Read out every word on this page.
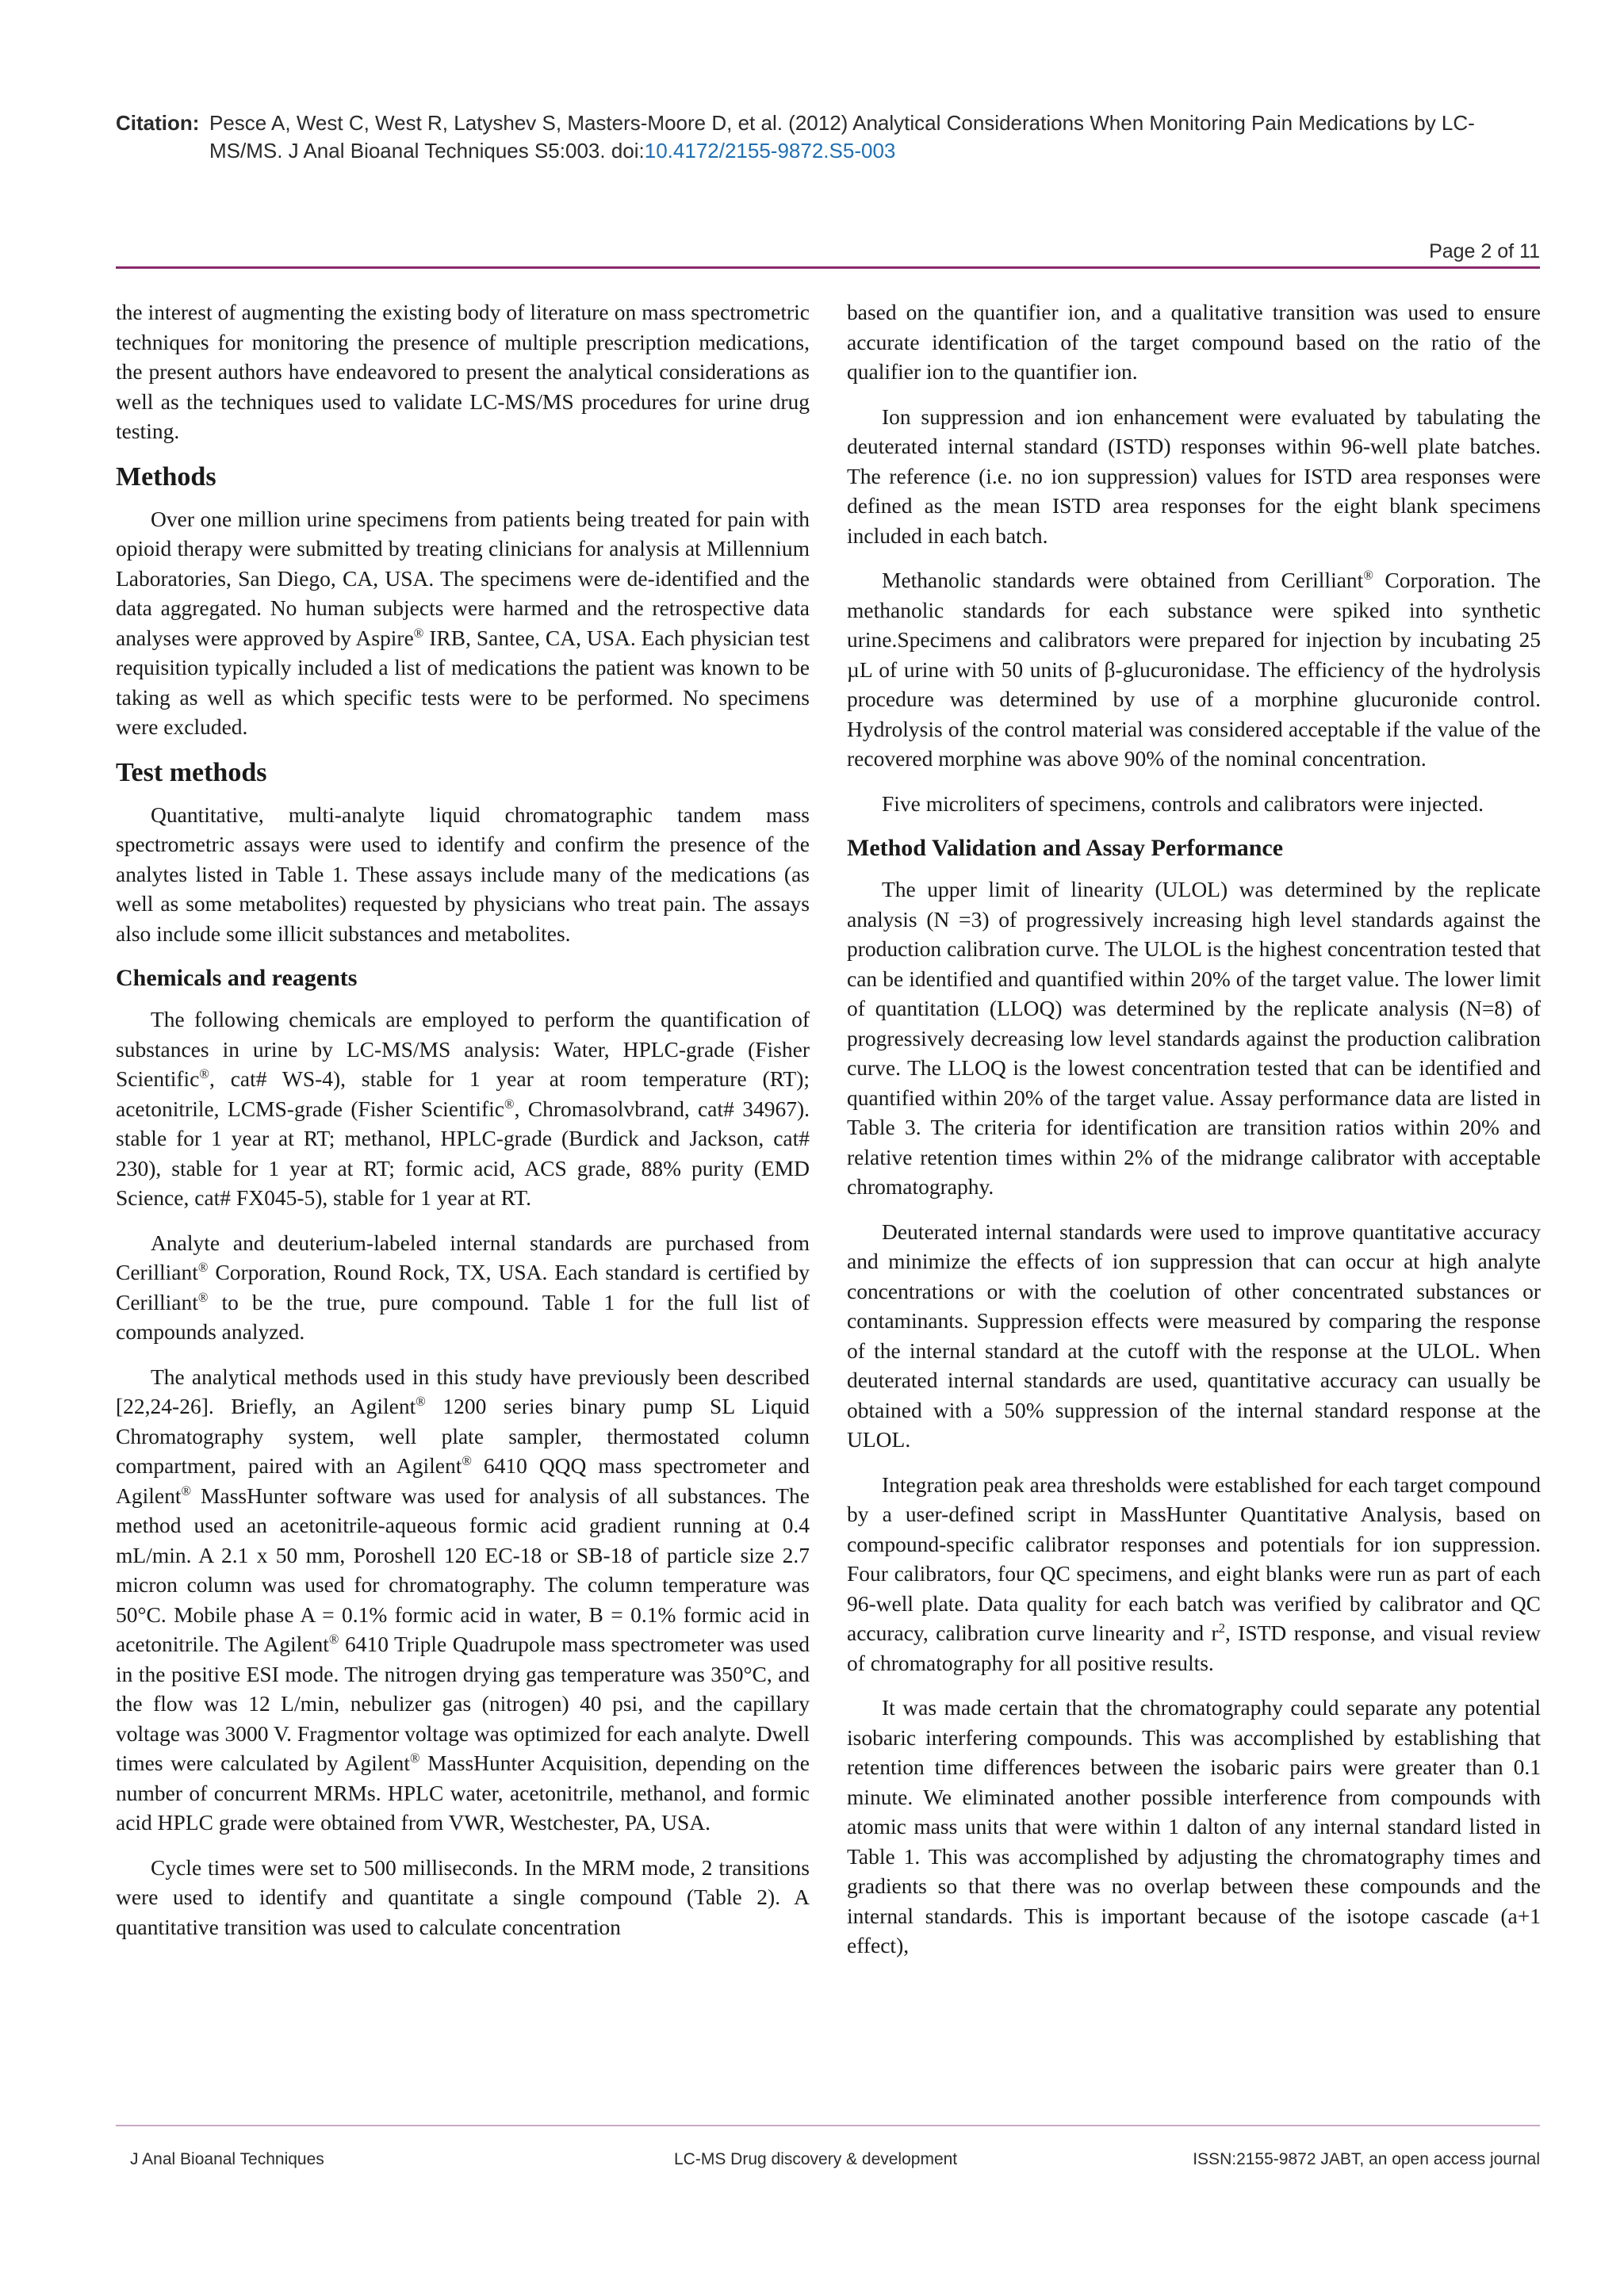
Citation: Pesce A, West C, West R, Latyshev S, Masters-Moore D, et al. (2012) Analytical Considerations When Monitoring Pain Medications by LC-MS/MS. J Anal Bioanal Techniques S5:003. doi:10.4172/2155-9872.S5-003
Page 2 of 11

the interest of augmenting the existing body of literature on mass spectrometric techniques for monitoring the presence of multiple prescription medications, the present authors have endeavored to present the analytical considerations as well as the techniques used to validate LC-MS/MS procedures for urine drug testing.

Methods

Over one million urine specimens from patients being treated for pain with opioid therapy were submitted by treating clinicians for analysis at Millennium Laboratories, San Diego, CA, USA. The specimens were de-identified and the data aggregated. No human subjects were harmed and the retrospective data analyses were approved by Aspire® IRB, Santee, CA, USA. Each physician test requisition typically included a list of medications the patient was known to be taking as well as which specific tests were to be performed. No specimens were excluded.

Test methods

Quantitative, multi-analyte liquid chromatographic tandem mass spectrometric assays were used to identify and confirm the presence of the analytes listed in Table 1. These assays include many of the medications (as well as some metabolites) requested by physicians who treat pain. The assays also include some illicit substances and metabolites.

Chemicals and reagents

The following chemicals are employed to perform the quantification of substances in urine by LC-MS/MS analysis: Water, HPLC-grade (Fisher Scientific®, cat# WS-4), stable for 1 year at room temperature (RT); acetonitrile, LCMS-grade (Fisher Scientific®, Chromasolvbrand, cat# 34967). stable for 1 year at RT; methanol, HPLC-grade (Burdick and Jackson, cat# 230), stable for 1 year at RT; formic acid, ACS grade, 88% purity (EMD Science, cat# FX045-5), stable for 1 year at RT.

Analyte and deuterium-labeled internal standards are purchased from Cerilliant® Corporation, Round Rock, TX, USA. Each standard is certified by Cerilliant® to be the true, pure compound. Table 1 for the full list of compounds analyzed.

The analytical methods used in this study have previously been described [22,24-26]. Briefly, an Agilent® 1200 series binary pump SL Liquid Chromatography system, well plate sampler, thermostated column compartment, paired with an Agilent® 6410 QQQ mass spectrometer and Agilent® MassHunter software was used for analysis of all substances. The method used an acetonitrile-aqueous formic acid gradient running at 0.4 mL/min. A 2.1 x 50 mm, Poroshell 120 EC-18 or SB-18 of particle size 2.7 micron column was used for chromatography. The column temperature was 50°C. Mobile phase A = 0.1% formic acid in water, B = 0.1% formic acid in acetonitrile. The Agilent® 6410 Triple Quadrupole mass spectrometer was used in the positive ESI mode. The nitrogen drying gas temperature was 350°C, and the flow was 12 L/min, nebulizer gas (nitrogen) 40 psi, and the capillary voltage was 3000 V. Fragmentor voltage was optimized for each analyte. Dwell times were calculated by Agilent® MassHunter Acquisition, depending on the number of concurrent MRMs. HPLC water, acetonitrile, methanol, and formic acid HPLC grade were obtained from VWR, Westchester, PA, USA.

Cycle times were set to 500 milliseconds. In the MRM mode, 2 transitions were used to identify and quantitate a single compound (Table 2). A quantitative transition was used to calculate concentration

based on the quantifier ion, and a qualitative transition was used to ensure accurate identification of the target compound based on the ratio of the qualifier ion to the quantifier ion.

Ion suppression and ion enhancement were evaluated by tabulating the deuterated internal standard (ISTD) responses within 96-well plate batches. The reference (i.e. no ion suppression) values for ISTD area responses were defined as the mean ISTD area responses for the eight blank specimens included in each batch.

Methanolic standards were obtained from Cerilliant® Corporation. The methanolic standards for each substance were spiked into synthetic urine.Specimens and calibrators were prepared for injection by incubating 25 µL of urine with 50 units of β-glucuronidase. The efficiency of the hydrolysis procedure was determined by use of a morphine glucuronide control. Hydrolysis of the control material was considered acceptable if the value of the recovered morphine was above 90% of the nominal concentration.

Five microliters of specimens, controls and calibrators were injected.

Method Validation and Assay Performance

The upper limit of linearity (ULOL) was determined by the replicate analysis (N =3) of progressively increasing high level standards against the production calibration curve. The ULOL is the highest concentration tested that can be identified and quantified within 20% of the target value. The lower limit of quantitation (LLOQ) was determined by the replicate analysis (N=8) of progressively decreasing low level standards against the production calibration curve. The LLOQ is the lowest concentration tested that can be identified and quantified within 20% of the target value. Assay performance data are listed in Table 3. The criteria for identification are transition ratios within 20% and relative retention times within 2% of the midrange calibrator with acceptable chromatography.

Deuterated internal standards were used to improve quantitative accuracy and minimize the effects of ion suppression that can occur at high analyte concentrations or with the coelution of other concentrated substances or contaminants. Suppression effects were measured by comparing the response of the internal standard at the cutoff with the response at the ULOL. When deuterated internal standards are used, quantitative accuracy can usually be obtained with a 50% suppression of the internal standard response at the ULOL.

Integration peak area thresholds were established for each target compound by a user-defined script in MassHunter Quantitative Analysis, based on compound-specific calibrator responses and potentials for ion suppression. Four calibrators, four QC specimens, and eight blanks were run as part of each 96-well plate. Data quality for each batch was verified by calibrator and QC accuracy, calibration curve linearity and $r^2$, ISTD response, and visual review of chromatography for all positive results.

It was made certain that the chromatography could separate any potential isobaric interfering compounds. This was accomplished by establishing that retention time differences between the isobaric pairs were greater than 0.1 minute. We eliminated another possible interference from compounds with atomic mass units that were within 1 dalton of any internal standard listed in Table 1. This was accomplished by adjusting the chromatography times and gradients so that there was no overlap between these compounds and the internal standards. This is important because of the isotope cascade (a+1 effect),

J Anal Bioanal Techniques	LC-MS Drug discovery & development	ISSN:2155-9872 JABT, an open access journal
